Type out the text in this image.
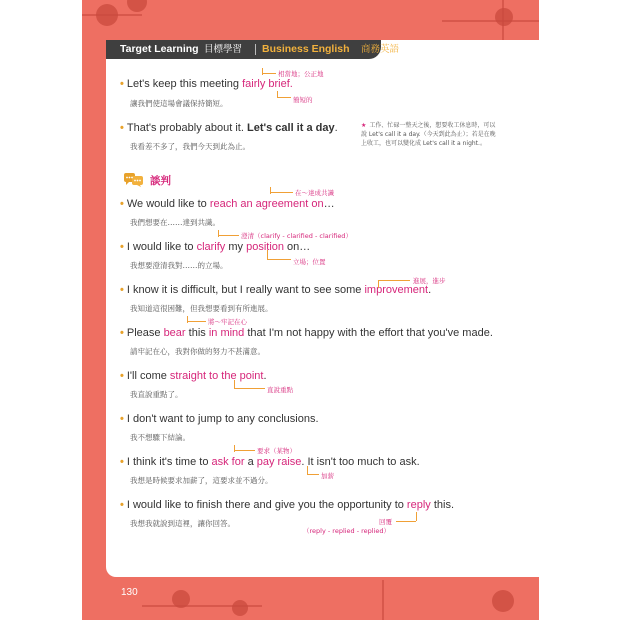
Target Learning 目標學習 Business English 商務英語
★ 工作、忙碌一整天之後，想要收工休息時，可以說 Let's call it a day.（今天到此為止）；若是在晚上收工，也可以變化成 Let's call it a night.。
談判
• Let's keep this meeting fairly brief.
讓我們使這場會議保持簡短。
• That's probably about it. Let's call it a day.
我看差不多了，我們今天到此為止。
• We would like to reach an agreement on…
我們想要在……達到共識。
• I would like to clarify my position on…
我想要澄清我對……的立場。
• I know it is difficult, but I really want to see some improvement.
我知道這很困難，但我想要看到有所進展。
• Please bear this in mind that I'm not happy with the effort that you've made.
請牢記在心，我對你做的努力不甚滿意。
• I'll come straight to the point.
我直說重點了。
• I don't want to jump to any conclusions.
我不想驟下結論。
• I think it's time to ask for a pay raise. It isn't too much to ask.
我想是時候要求加薪了，這要求並不過分。
• I would like to finish there and give you the opportunity to reply this.
我想我就說到這裡，讓你回答。
相當地；公正地
簡短的
在～達成共識
澄清（clarify - clarified - clarified）
立場；位置
進展，進步
將～牢記在心
直說重點
要求（某物）
加薪
回覆
（reply - replied - replied）
130
